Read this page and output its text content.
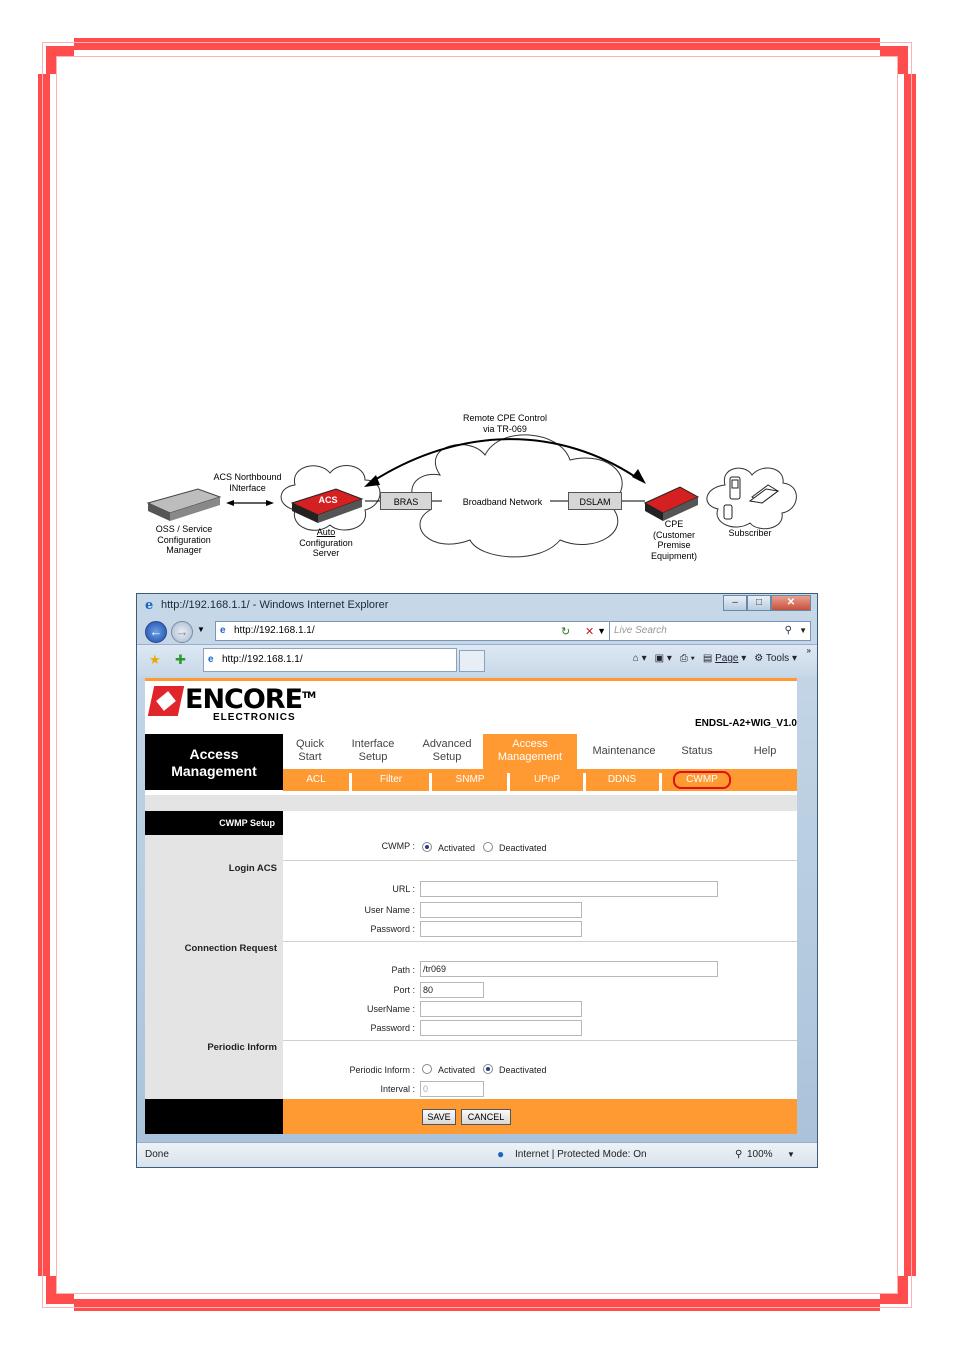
Remote CPE Control
via TR-069
ACS Northbound
INterface
OSS / Service
Configuration
Manager
ACS
Auto
Configuration
Server
BRAS	Broadband Network	DSLAM
CPE
(Customer
Premise
Equipment)
Subscriber
e http://192.168.1.1/ - Windows Internet Explorer	–	□	✕
←	→	▼ e http://192.168.1.1/	▼
↻ ✕	Live Search	⚲ ▼
★ ✚ e http://192.168.1.1/	⌂ ▾ ▣ ▾ ⎙ ▾ ▤ Page ▾ ⚙ Tools ▾
»
ENCORE™
ELECTRONICS
ENDSL-A2+WIG_V1.0
Access
Management
Quick
Start
Interface
Setup
Advanced
Setup
Access
Management	Maintenance	Status	Help
ACL	Filter	SNMP	UPnP	DDNS	CWMP
CWMP Setup
CWMP :	Activated	Deactivated
Login ACS
URL :
User Name :
Password :
Connection Request
Path : /tr069
Port : 80
UserName :
Password :
Periodic Inform
Periodic Inform :	Activated	Deactivated
Interval : 0
SAVE	CANCEL
Done	● Internet | Protected Mode: On	⚲ 100% ▼
